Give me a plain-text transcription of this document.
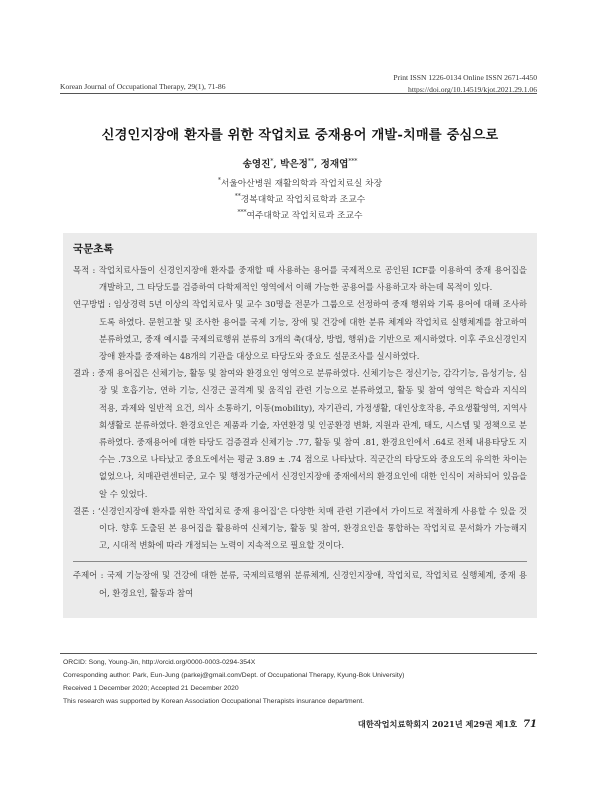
Korean Journal of Occupational Therapy, 29(1), 71-86
Print ISSN 1226-0134 Online ISSN 2671-4450
https://doi.org/10.14519/kjot.2021.29.1.06
신경인지장애 환자를 위한 작업치료 중재용어 개발-치매를 중심으로
송영진*, 박은정**, 정재엽***
*서울아산병원 재활의학과 작업치료실 차장
**경복대학교 작업치료학과 조교수
***여주대학교 작업치료과 조교수
국문초록
목적 : 작업치료사들이 신경인지장애 환자를 중재할 때 사용하는 용어를 국제적으로 공인된 ICF를 이용하여 중재 용어집을 개발하고, 그 타당도를 검증하여 다학제적인 영역에서 이해 가능한 공용어를 사용하고자 하는데 목적이 있다.
연구방법 : 임상경력 5년 이상의 작업치료사 및 교수 30명을 전문가 그룹으로 선정하여 중재 행위와 기록 용어에 대해 조사하도록 하였다. 문헌고찰 및 조사한 용어를 국제 기능, 장애 및 건강에 대한 분류 체계와 작업치료 실행체계를 참고하여 분류하였고, 중재 예시를 국제의료행위 분류의 3개의 축(대상, 방법, 행위)을 기반으로 제시하였다. 이후 주요신경인지장애 환자를 중재하는 48개의 기관을 대상으로 타당도와 중요도 설문조사를 실시하였다.
결과 : 중재 용어집은 신체기능, 활동 및 참여와 환경요인 영역으로 분류하였다. 신체기능은 정신기능, 감각기능, 음성기능, 심장 및 호흡기능, 연하 기능, 신경근 골격계 및 움직임 관련 기능으로 분류하였고, 활동 및 참여 영역은 학습과 지식의 적용, 과제와 일반적 요건, 의사 소통하기, 이동(mobility), 자기관리, 가정생활, 대인상호작용, 주요생활영역, 지역사회생활로 분류하였다. 환경요인은 제품과 기술, 자연환경 및 인공환경 변화, 지원과 관계, 태도, 시스템 및 정책으로 분류하였다. 중재용어에 대한 타당도 검증결과 신체기능 .77, 활동 및 참여 .81, 환경요인에서 .64로 전체 내용타당도 지수는 .73으로 나타났고 중요도에서는 평균 3.89 ± .74 점으로 나타났다. 직군간의 타당도와 중요도의 유의한 차이는 없었으나, 치매관련센터군, 교수 및 행정가군에서 신경인지장애 중재에서의 환경요인에 대한 인식이 저하되어 있음을 알 수 있었다.
결론 : ‘신경인지장애 환자를 위한 작업치료 중재 용어집’은 다양한 치매 관련 기관에서 가이드로 적절하게 사용할 수 있을 것이다. 향후 도출된 본 용어집을 활용하여 신체기능, 활동 및 참여, 환경요인을 통합하는 작업치료 문서화가 가능해지고, 시대적 변화에 따라 개정되는 노력이 지속적으로 필요할 것이다.
주제어 : 국제 기능장애 및 건강에 대한 분류, 국제의료행위 분류체계, 신경인지장애, 작업치료, 작업치료 실행체계, 중재 용어, 환경요인, 활동과 참여
ORCID: Song, Young-Jin, http://orcid.org/0000-0003-0294-354X
Corresponding author: Park, Eun-Jung (parkej@gmail.com/Dept. of Occupational Therapy, Kyung-Bok University)
Received 1 December 2020; Accepted 21 December 2020
This research was supported by Korean Association Occupational Therapists insurance department.
대한작업치료학회지 2021년 제29권 제1호 71
